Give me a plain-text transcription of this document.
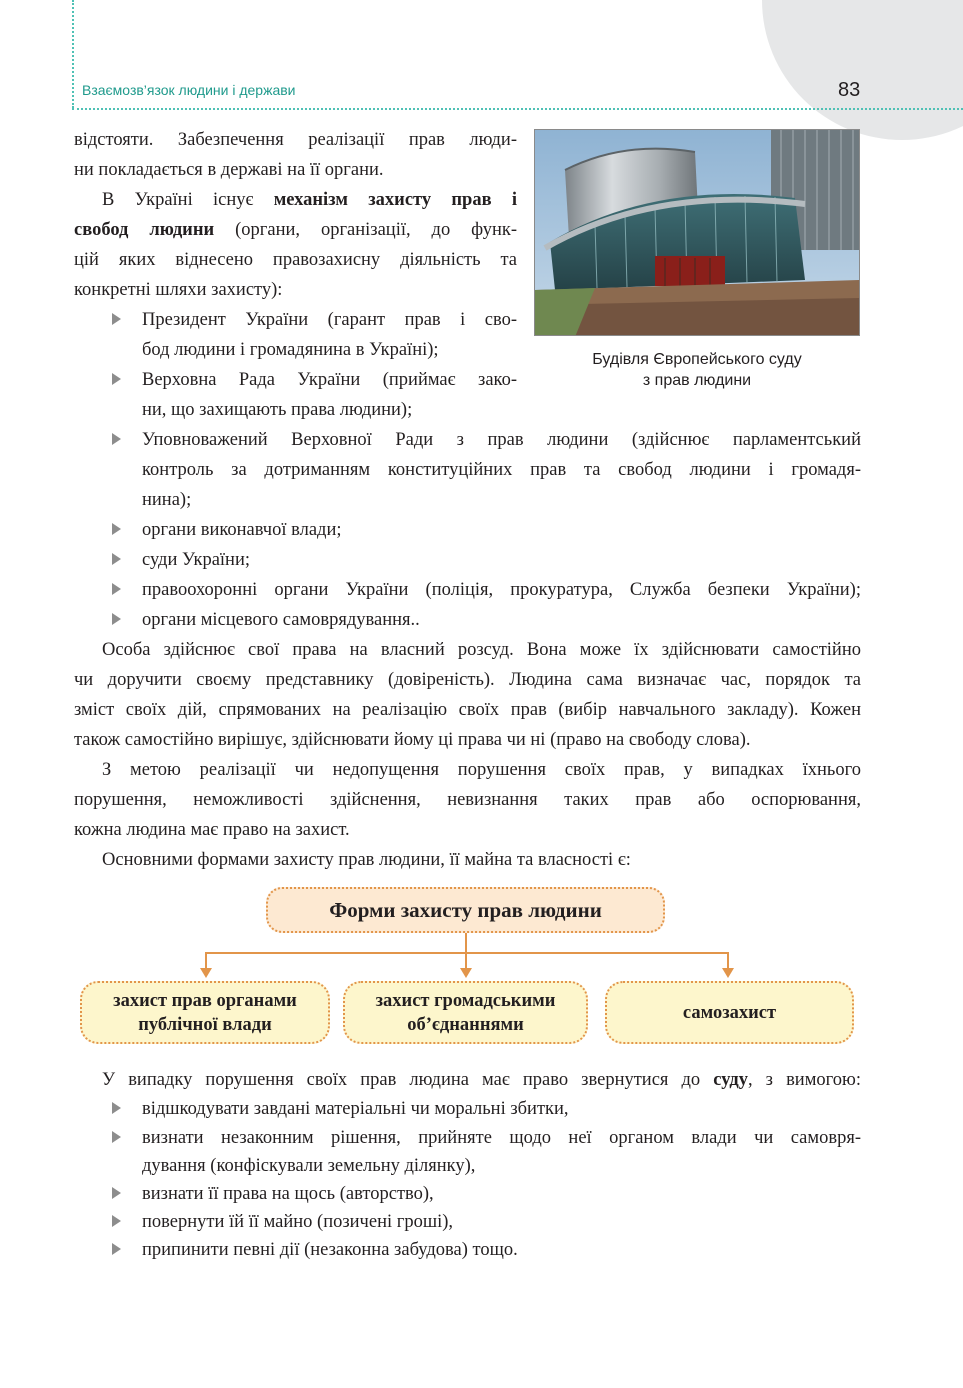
Взаємозв’язок людини і держави	83
Будівля Європейського суду
з прав людини
відстояти. Забезпечення реалізації прав люди-
ни покладається в державі на її органи.
В Україні існує механізм захисту прав і
свобод людини (органи, організації, до функ-
цій яких віднесено правозахисну діяльність та
конкретні шляхи захисту):
Президент України (гарант прав і сво-
бод людини і громадянина в Україні);
Верховна Рада України (приймає зако-
ни, що захищають права людини);
Уповноважений Верховної Ради з прав людини (здійснює парламентський
контроль за дотриманням конституційних прав та свобод людини і громадя-
нина);
органи виконавчої влади;
суди України;
правоохоронні органи України (поліція, прокуратура, Служба безпеки України);
органи місцевого самоврядування..
Особа здійснює свої права на власний розсуд. Вона може їх здійснювати самостійно
чи доручити своєму представнику (довіреність). Людина сама визначає час, порядок та
зміст своїх дій, спрямованих на реалізацію своїх прав (вибір навчального закладу). Кожен
також самостійно вирішує, здійснювати йому ці права чи ні (право на свободу слова).
З метою реалізації чи недопущення порушення своїх прав, у випадках їхнього
порушення, неможливості здійснення, невизнання таких прав або оспорювання,
кожна людина має право на захист.
Основними формами захисту прав людини, її майна та власності є:
Форми захисту прав людини
захист прав органами
публічної влади
захист громадськими
об’єднаннями
самозахист
У випадку порушення своїх прав людина має право звернутися до суду, з вимогою:
відшкодувати завдані матеріальні чи моральні збитки,
визнати незаконним рішення, прийняте щодо неї органом влади чи самовря-
дування (конфіскували земельну ділянку),
визнати її права на щось (авторство),
повернути їй її майно (позичені гроші),
припинити певні дії (незаконна забудова) тощо.
